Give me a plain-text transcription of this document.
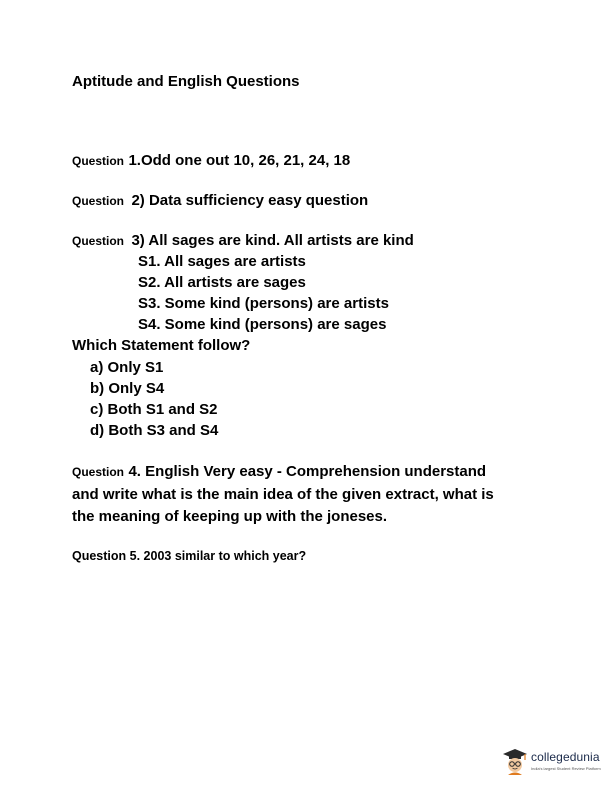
Aptitude and English Questions
Question 1.Odd one out 10, 26, 21, 24, 18
Question 2) Data sufficiency easy question
Question 3) All sages are kind. All artists are kind
S1. All sages are artists
S2. All artists are sages
S3. Some kind (persons) are artists
S4. Some kind (persons) are sages
Which Statement follow?
a) Only S1
b) Only S4
c) Both S1 and S2
d) Both S3 and S4
Question 4. English Very easy - Comprehension understand
and write what is the main idea of the given extract, what is
the meaning of keeping up with the joneses.
Question 5. 2003 similar to which year?
collegedunia
India's largest Student Review Platform
